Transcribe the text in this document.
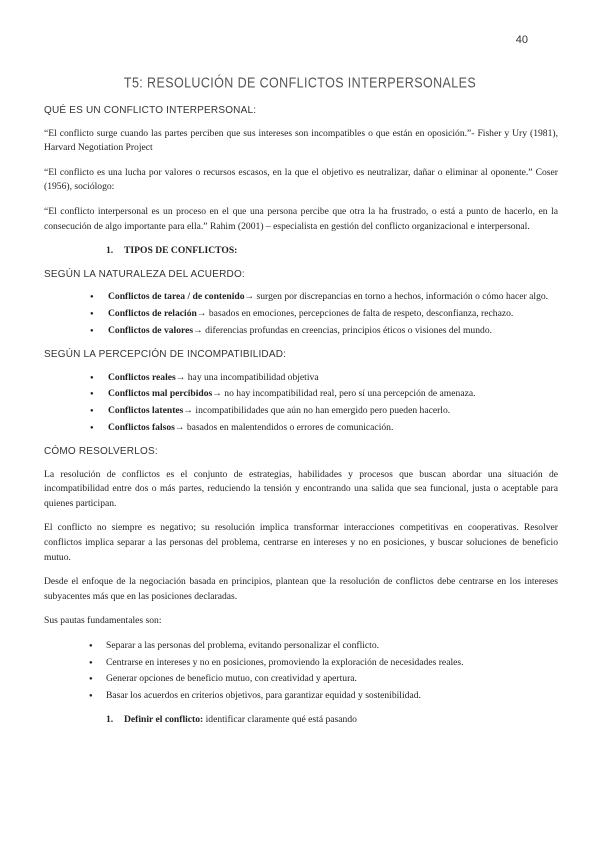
40
T5: RESOLUCIÓN DE CONFLICTOS INTERPERSONALES
QUÉ ES UN CONFLICTO INTERPERSONAL:

“El conflicto surge cuando las partes perciben que sus intereses son incompatibles o que están en oposición.”- Fisher y Ury (1981), Harvard Negotiation Project

“El conflicto es una lucha por valores o recursos escasos, en la que el objetivo es neutralizar, dañar o eliminar al oponente.” Coser (1956), sociólogo:

“El conflicto interpersonal es un proceso en el que una persona percibe que otra la ha frustrado, o está a punto de hacerlo, en la consecución de algo importante para ella.” Rahim (2001) – especialista en gestión del conflicto organizacional e interpersonal.

1. TIPOS DE CONFLICTOS:
SEGÚN LA NATURALEZA DEL ACUERDO:
● Conflictos de tarea / de contenido→ surgen por discrepancias en torno a hechos, información o cómo hacer algo.
● Conflictos de relación→ basados en emociones, percepciones de falta de respeto, desconfianza, rechazo.
● Conflictos de valores→ diferencias profundas en creencias, principios éticos o visiones del mundo.
SEGÚN LA PERCEPCIÓN DE INCOMPATIBILIDAD:
● Conflictos reales→ hay una incompatibilidad objetiva
● Conflictos mal percibidos→ no hay incompatibilidad real, pero sí una percepción de amenaza.
● Conflictos latentes→ incompatibilidades que aún no han emergido pero pueden hacerlo.
● Conflictos falsos→ basados en malentendidos o errores de comunicación.
CÓMO RESOLVERLOS:

La resolución de conflictos es el conjunto de estrategias, habilidades y procesos que buscan abordar una situación de incompatibilidad entre dos o más partes, reduciendo la tensión y encontrando una salida que sea funcional, justa o aceptable para quienes participan.

El conflicto no siempre es negativo; su resolución implica transformar interacciones competitivas en cooperativas. Resolver conflictos implica separar a las personas del problema, centrarse en intereses y no en posiciones, y buscar soluciones de beneficio mutuo.

Desde el enfoque de la negociación basada en principios, plantean que la resolución de conflictos debe centrarse en los intereses subyacentes más que en las posiciones declaradas.

Sus pautas fundamentales son:

● Separar a las personas del problema, evitando personalizar el conflicto.
● Centrarse en intereses y no en posiciones, promoviendo la exploración de necesidades reales.
● Generar opciones de beneficio mutuo, con creatividad y apertura.
● Basar los acuerdos en criterios objetivos, para garantizar equidad y sostenibilidad.
1. Definir el conflicto: identificar claramente qué está pasando
